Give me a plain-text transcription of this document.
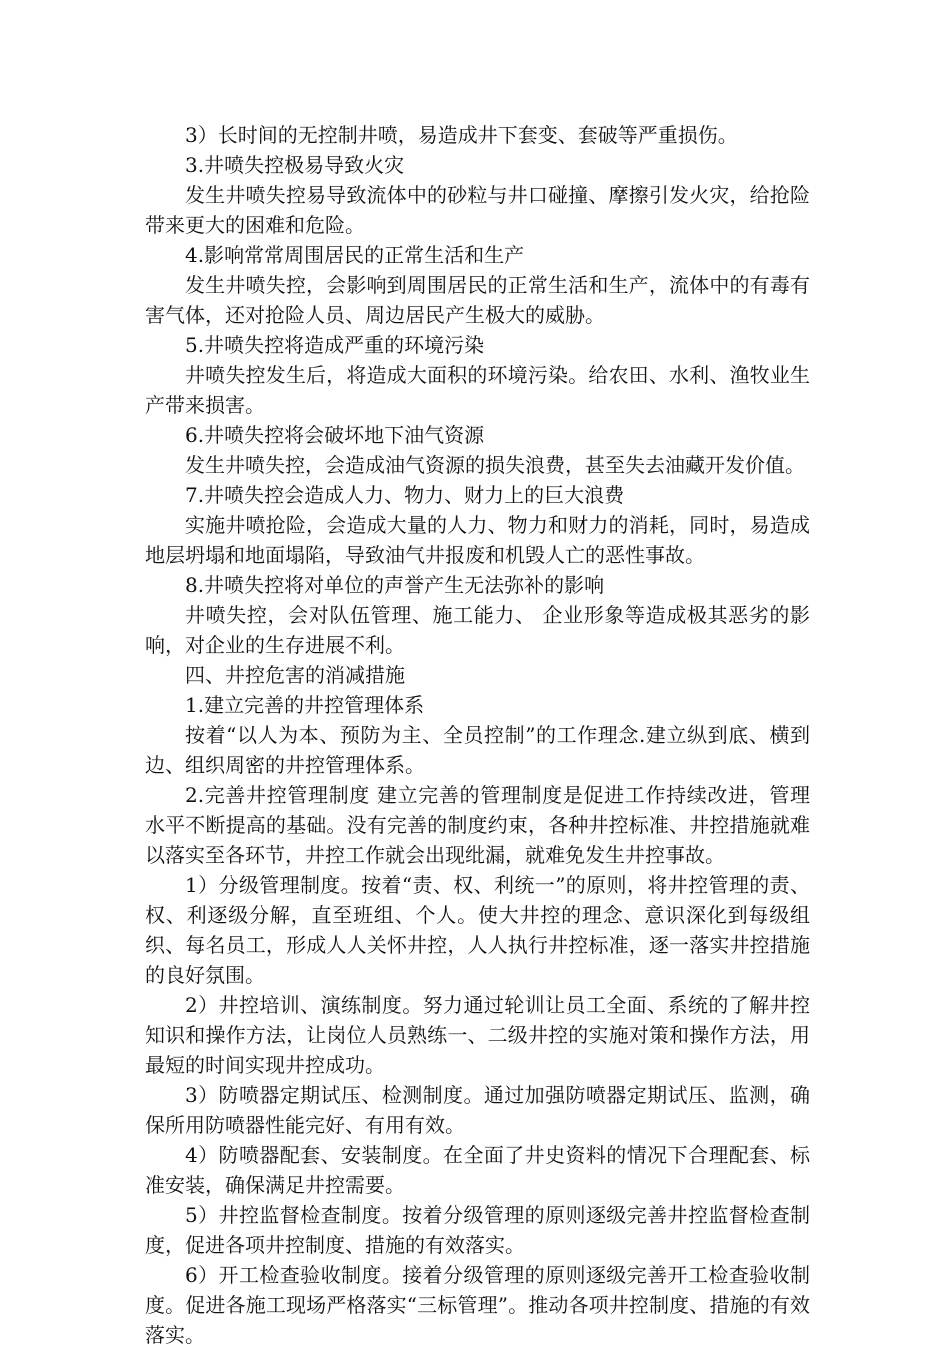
3）长时间的无控制井喷，易造成井下套变、套破等严重损伤。

3.井喷失控极易导致火灾

发生井喷失控易导致流体中的砂粒与井口碰撞、摩擦引发火灾，给抢险带来更大的困难和危险。

4.影响常常周围居民的正常生活和生产

发生井喷失控，会影响到周围居民的正常生活和生产，流体中的有毒有害气体，还对抢险人员、周边居民产生极大的威胁。

5.井喷失控将造成严重的环境污染

井喷失控发生后，将造成大面积的环境污染。给农田、水利、渔牧业生产带来损害。

6.井喷失控将会破坏地下油气资源

发生井喷失控，会造成油气资源的损失浪费，甚至失去油藏开发价值。

7.井喷失控会造成人力、物力、财力上的巨大浪费

实施井喷抢险，会造成大量的人力、物力和财力的消耗，同时，易造成地层坍塌和地面塌陷，导致油气井报废和机毁人亡的恶性事故。

8.井喷失控将对单位的声誉产生无法弥补的影响

井喷失控，会对队伍管理、施工能力、 企业形象等造成极其恶劣的影响，对企业的生存进展不利。

四、井控危害的消减措施

1.建立完善的井控管理体系

按着“以人为本、预防为主、全员控制”的工作理念.建立纵到底、横到边、组织周密的井控管理体系。

2.完善井控管理制度 建立完善的管理制度是促进工作持续改进，管理水平不断提高的基础。没有完善的制度约束，各种井控标准、井控措施就难以落实至各环节，井控工作就会出现纰漏，就难免发生井控事故。

1）分级管理制度。按着“责、权、利统一”的原则，将井控管理的责、权、利逐级分解，直至班组、个人。使大井控的理念、意识深化到每级组织、每名员工，形成人人关怀井控，人人执行井控标准，逐一落实井控措施的良好氛围。

2）井控培训、演练制度。努力通过轮训让员工全面、系统的了解井控知识和操作方法，让岗位人员熟练一、二级井控的实施对策和操作方法，用最短的时间实现井控成功。

3）防喷器定期试压、检测制度。通过加强防喷器定期试压、监测，确保所用防喷器性能完好、有用有效。

4）防喷器配套、安装制度。在全面了井史资料的情况下合理配套、标准安装，确保满足井控需要。

5）井控监督检查制度。按着分级管理的原则逐级完善井控监督检查制度，促进各项井控制度、措施的有效落实。

6）开工检查验收制度。接着分级管理的原则逐级完善开工检查验收制度。促进各施工现场严格落实“三标管理”。推动各项井控制度、措施的有效落实。
